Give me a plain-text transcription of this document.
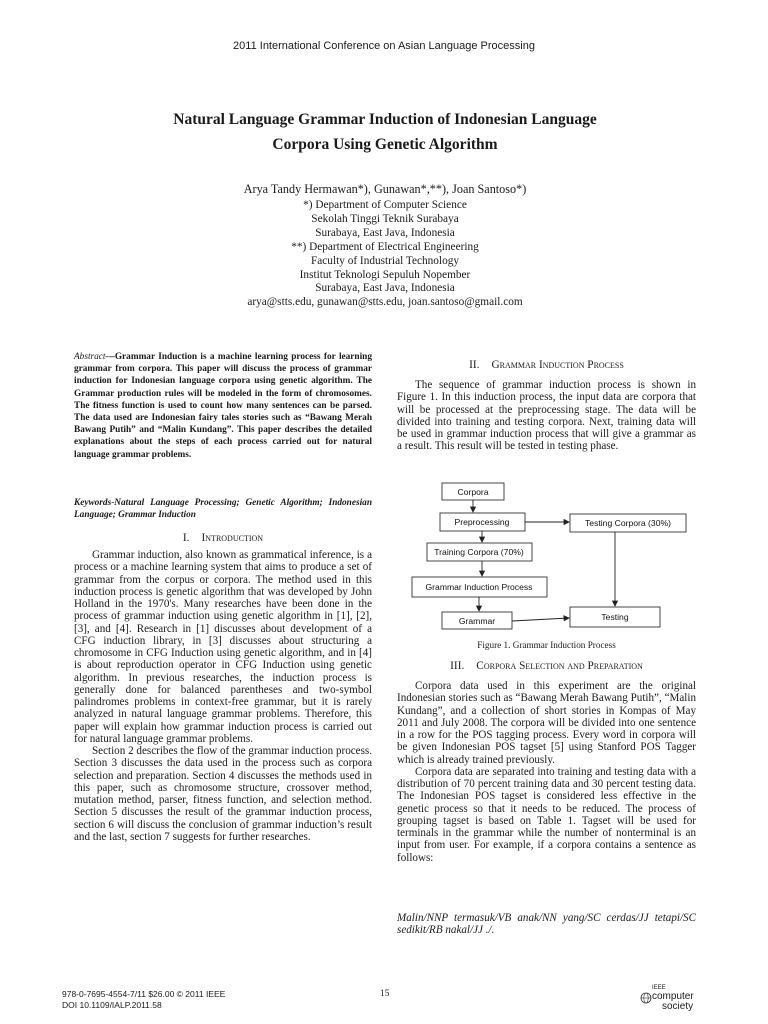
2011 International Conference on Asian Language Processing
Natural Language Grammar Induction of Indonesian Language
Corpora Using Genetic Algorithm
Arya Tandy Hermawan*), Gunawan*,**), Joan Santoso*)
*) Department of Computer Science
Sekolah Tinggi Teknik Surabaya
Surabaya, East Java, Indonesia
**) Department of Electrical Engineering
Faculty of Industrial Technology
Institut Teknologi Sepuluh Nopember
Surabaya, East Java, Indonesia
arya@stts.edu, gunawan@stts.edu, joan.santoso@gmail.com
Abstract—Grammar Induction is a machine learning process for learning grammar from corpora. This paper will discuss the process of grammar induction for Indonesian language corpora using genetic algorithm. The Grammar production rules will be modeled in the form of chromosomes. The fitness function is used to count how many sentences can be parsed. The data used are Indonesian fairy tales stories such as “Bawang Merah Bawang Putih” and “Malin Kundang”. This paper describes the detailed explanations about the steps of each process carried out for natural language grammar problems.
Keywords-Natural Language Processing; Genetic Algorithm; Indonesian Language; Grammar Induction
I. Introduction

Grammar induction, also known as grammatical inference, is a process or a machine learning system that aims to produce a set of grammar from the corpus or corpora. The method used in this induction process is genetic algorithm that was developed by John Holland in the 1970's. Many researches have been done in the process of grammar induction using genetic algorithm in [1], [2], [3], and [4]. Research in [1] discusses about development of a CFG induction library, in [3] discusses about structuring a chromosome in CFG Induction using genetic algorithm, and in [4] is about reproduction operator in CFG Induction using genetic algorithm. In previous researches, the induction process is generally done for balanced parentheses and two-symbol palindromes problems in context-free grammar, but it is rarely analyzed in natural language grammar problems. Therefore, this paper will explain how grammar induction process is carried out for natural language grammar problems.

Section 2 describes the flow of the grammar induction process. Section 3 discusses the data used in the process such as corpora selection and preparation. Section 4 discusses the methods used in this paper, such as chromosome structure, crossover method, mutation method, parser, fitness function, and selection method. Section 5 discusses the result of the grammar induction process, section 6 will discuss the conclusion of grammar induction’s result and the last, section 7 suggests for further researches.

II. Grammar Induction Process

The sequence of grammar induction process is shown in Figure 1. In this induction process, the input data are corpora that will be processed at the preprocessing stage. The data will be divided into training and testing corpora. Next, training data will be used in grammar induction process that will give a grammar as a result. This result will be tested in testing phase.

Corpora
Preprocessing	Testing Corpora (30%)
Training Corpora (70%)
Grammar Induction Process
Grammar	Testing
Figure 1. Grammar Induction Process
III. Corpora Selection and Preparation

Corpora data used in this experiment are the original Indonesian stories such as “Bawang Merah Bawang Putih”, “Malin Kundang”, and a collection of short stories in Kompas of May 2011 and July 2008. The corpora will be divided into one sentence in a row for the POS tagging process. Every word in corpora will be given Indonesian POS tagset [5] using Stanford POS Tagger which is already trained previously.

Corpora data are separated into training and testing data with a distribution of 70 percent training data and 30 percent testing data. The Indonesian POS tagset is considered less effective in the genetic process so that it needs to be reduced. The process of grouping tagset is based on Table 1. Tagset will be used for terminals in the grammar while the number of nonterminal is an input from user. For example, if a corpora contains a sentence as follows:

Malin/NNP termasuk/VB anak/NN yang/SC cerdas/JJ tetapi/SC sedikit/RB nakal/JJ ./.

978-0-7695-4554-7/11 $26.00 © 2011 IEEE
DOI 10.1109/IALP.2011.58
15
IEEE
computer
society
